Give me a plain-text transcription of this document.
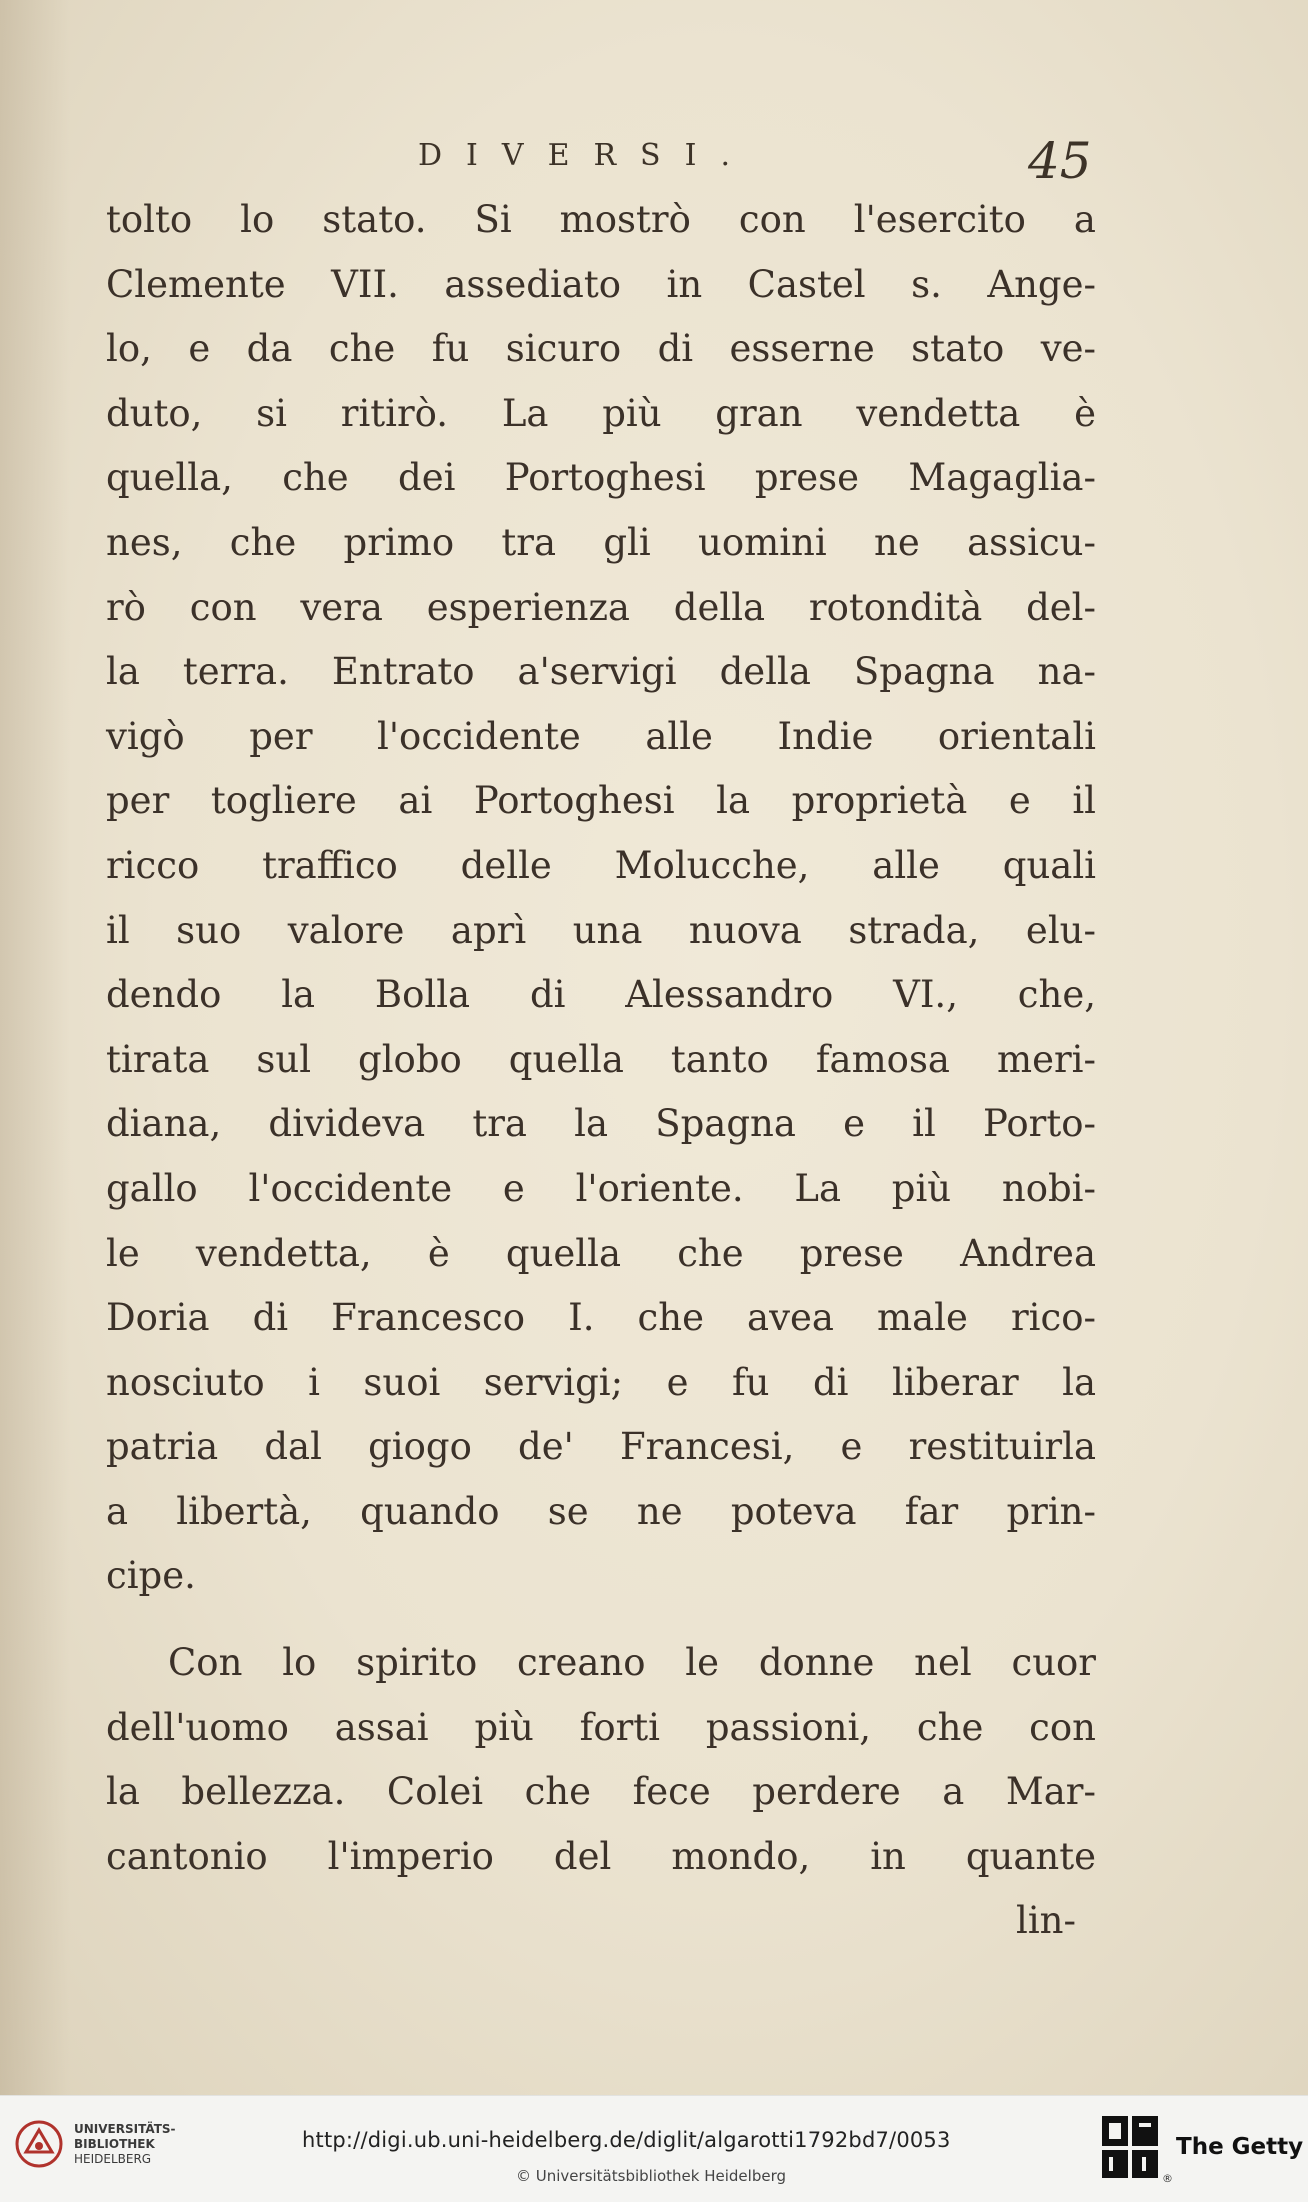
DIVERSI.	45
tolto lo stato. Si mostrò con l'esercito a
Clemente VII. assediato in Castel s. Ange-
lo, e da che fu sicuro di esserne stato ve-
duto, si ritirò. La più gran vendetta è
quella, che dei Portoghesi prese Magaglia-
nes, che primo tra gli uomini ne assicu-
rò con vera esperienza della rotondità del-
la terra. Entrato a'servigi della Spagna na-
vigò per l'occidente alle Indie orientali
per togliere ai Portoghesi la proprietà e il
ricco traffico delle Molucche, alle quali
il suo valore aprì una nuova strada, elu-
dendo la Bolla di Alessandro VI., che,
tirata sul globo quella tanto famosa meri-
diana, divideva tra la Spagna e il Porto-
gallo l'occidente e l'oriente. La più nobi-
le vendetta, è quella che prese Andrea
Doria di Francesco I. che avea male rico-
nosciuto i suoi servigi; e fu di liberar la
patria dal giogo de' Francesi, e restituirla
a libertà, quando se ne poteva far prin-
cipe.
Con lo spirito creano le donne nel cuor
dell'uomo assai più forti passioni, che con
la bellezza. Colei che fece perdere a Mar-
cantonio l'imperio del mondo, in quante
lin-
UNIVERSITÄTS-
BIBLIOTHEK
HEIDELBERG
http://digi.ub.uni-heidelberg.de/diglit/algarotti1792bd7/0053
© Universitätsbibliothek Heidelberg	®
The Getty
